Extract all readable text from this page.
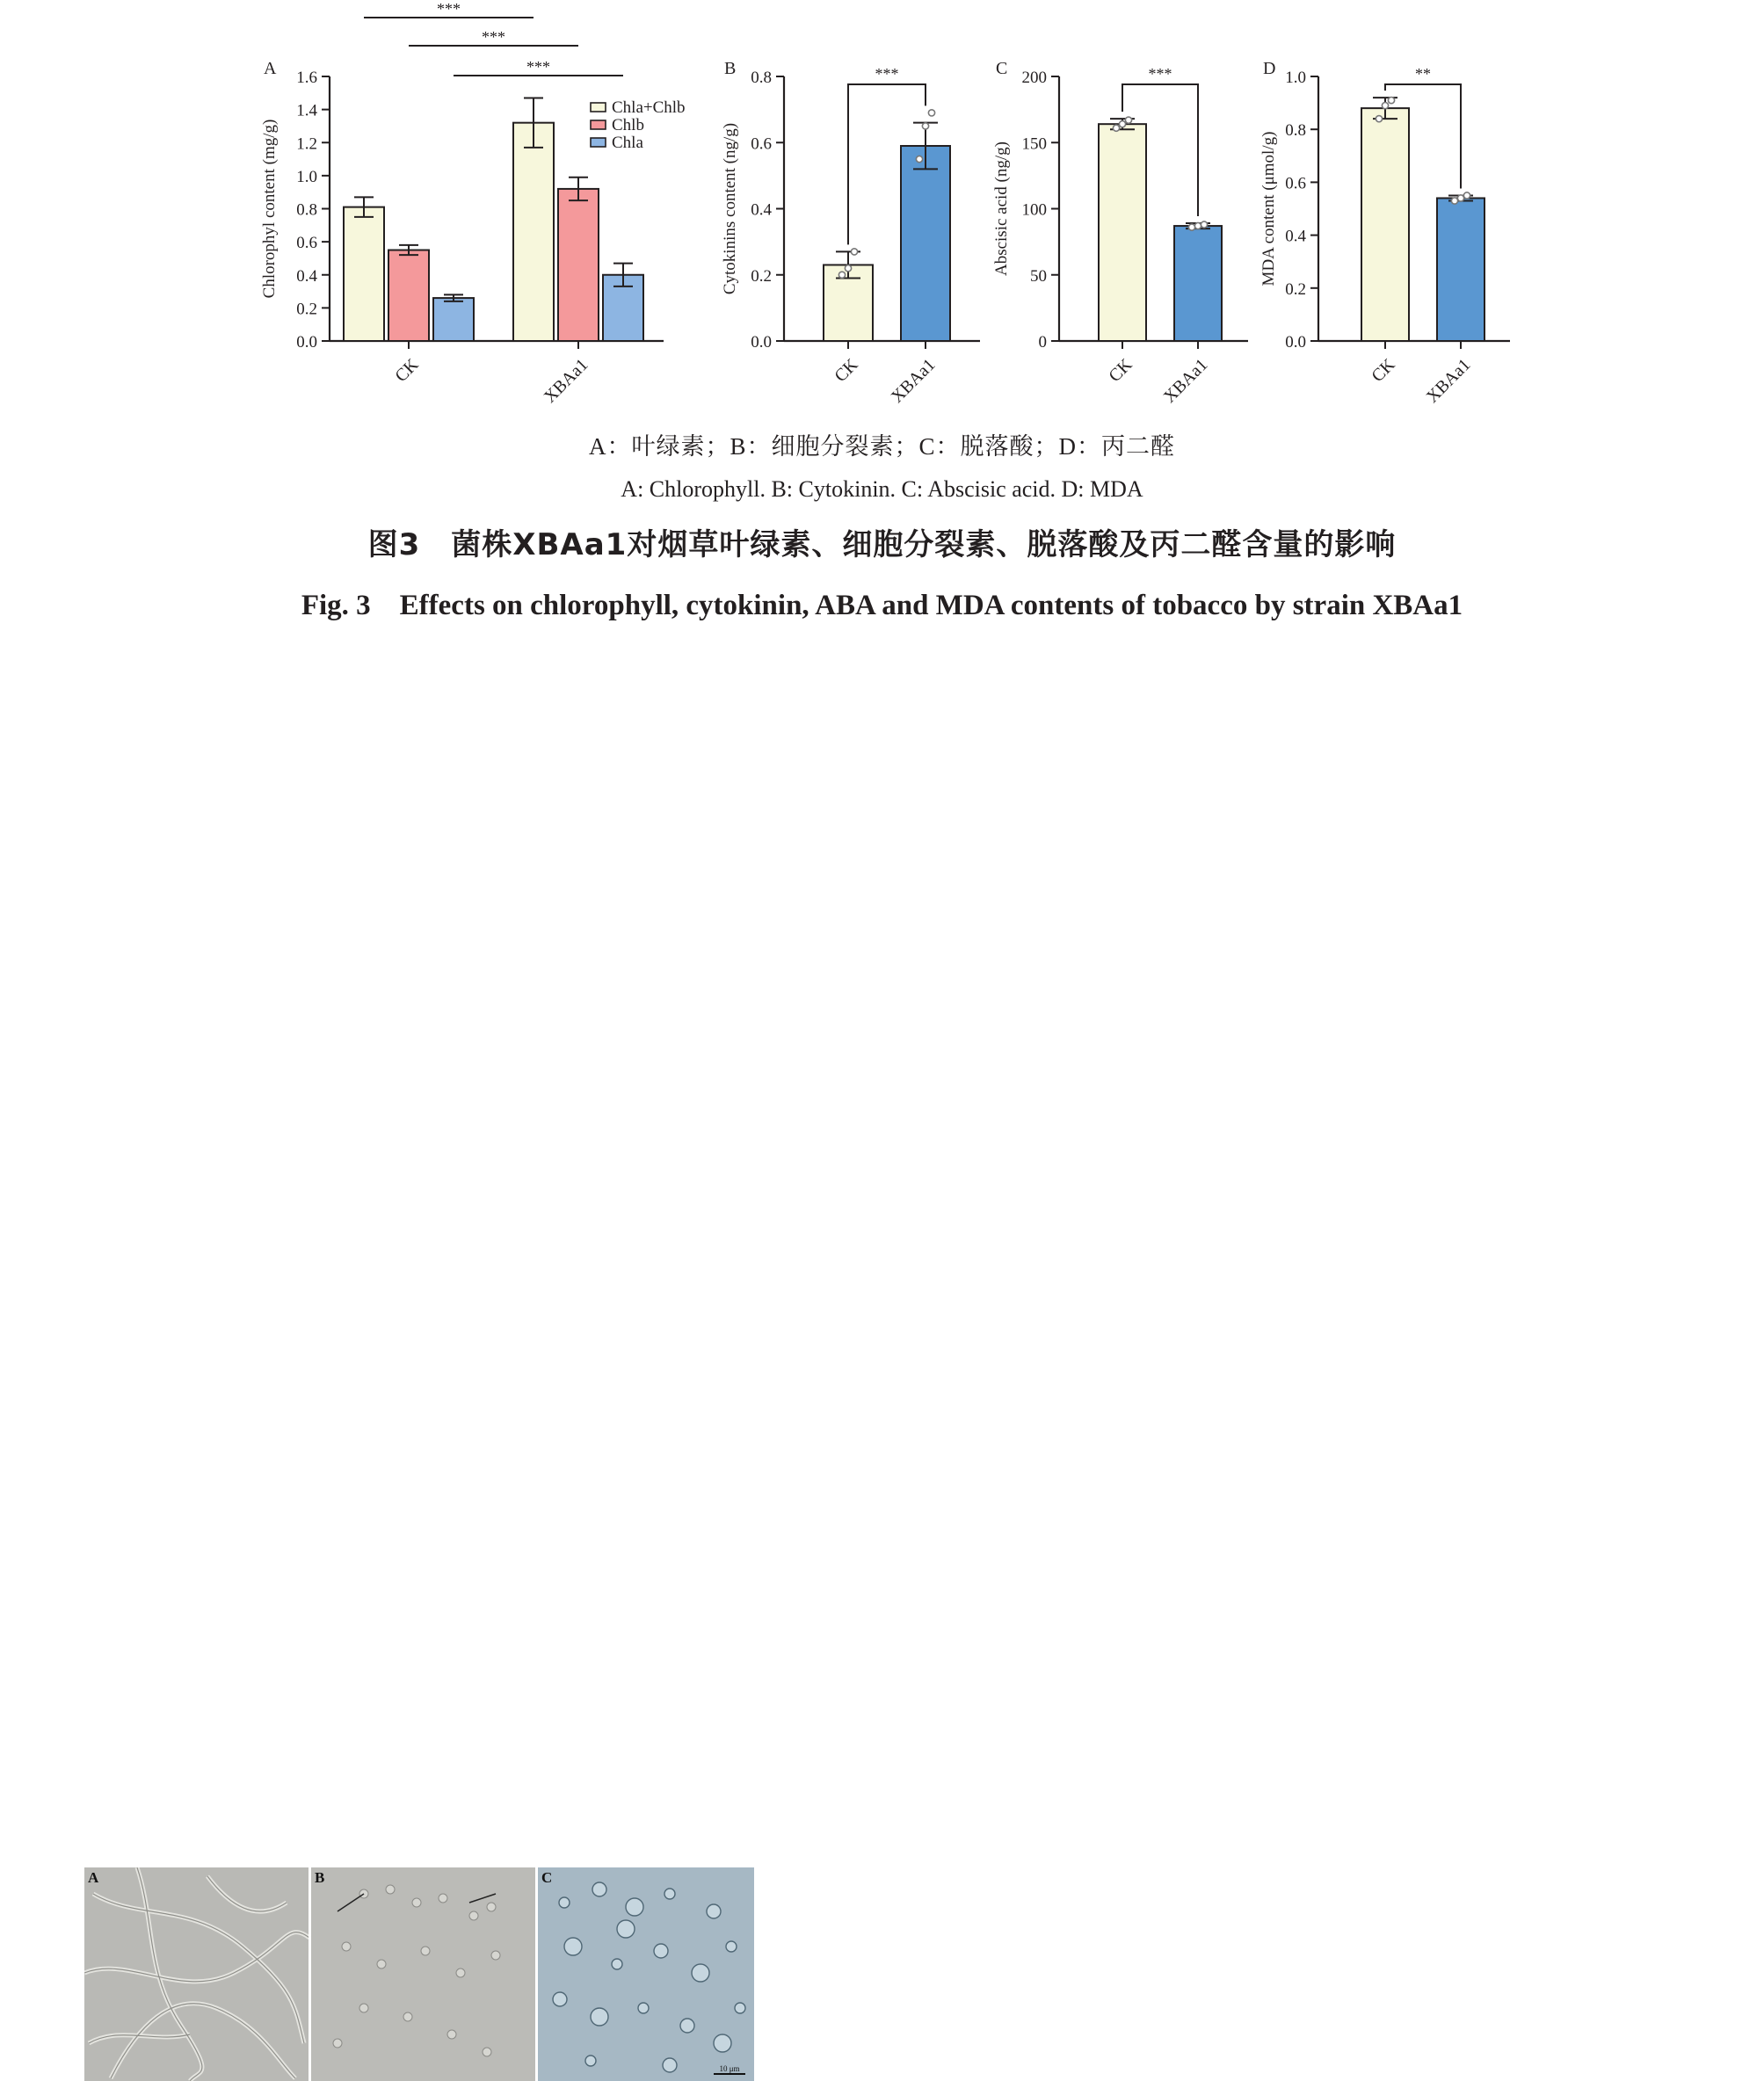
A
0.0
0.2
0.4
0.6
0.8
1.0
1.2
1.4
1.6
Chlorophyl content (mg/g)
CK	XBAa1
Chla+Chlb
Chlb
Chla
***
***
***	B
0.0
0.2
0.4
0.6
0.8
Cytokinins content (ng/g)
CK XBAa1
***	C
0
50
100
150
200
Abscisic acid (ng/g)
CK XBAa1
***	D
0.0
0.2
0.4
0.6
0.8
1.0
MDA content (μmol/g)
CK XBAa1
**
A：叶绿素；B：细胞分裂素；C：脱落酸；D：丙二醛
A: Chlorophyll. B: Cytokinin. C: Abscisic acid. D: MDA
图3　菌株XBAa1对烟草叶绿素、细胞分裂素、脱落酸及丙二醛含量的影响
Fig. 3　Effects on chlorophyll, cytokinin, ABA and MDA contents of tobacco by strain XBAa1
A	B
10 μm
C
